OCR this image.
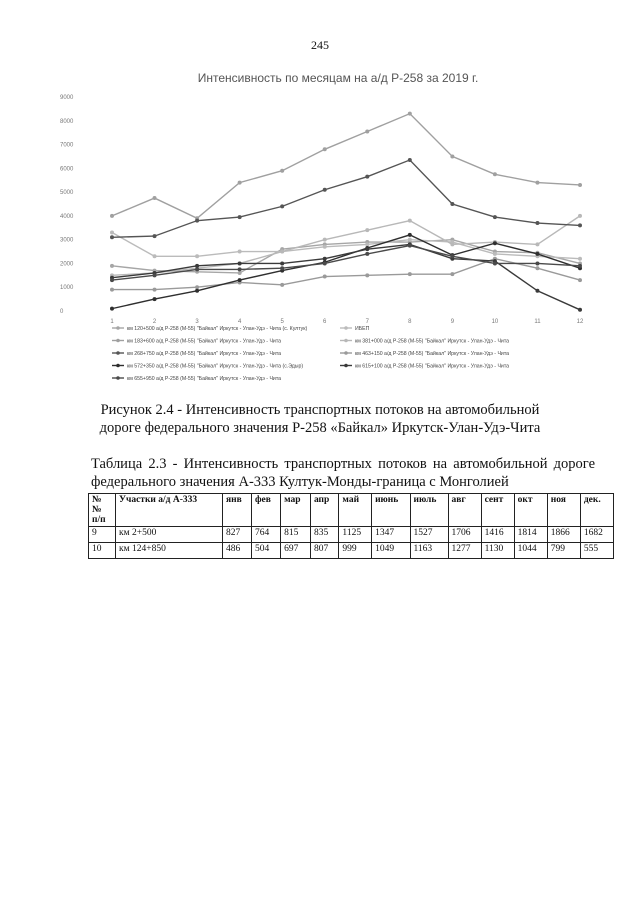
245
Интенсивность по месяцам на а/д Р-258 за 2019 г.
0
1000
2000
3000
4000
5000
6000
7000
8000
9000
1	2	3	4	5	6	7	8	9	10	11	12
км 120+500 а/д Р-258 (М-55) "Байкал" Иркутск - Улан-Удэ - Чита (с. Култук)	ИБЕП
км 183+600 а/д Р-258 (М-55) "Байкал" Иркутск - Улан-Удэ - Чита	км 381+000 а/д Р-258 (М-55) "Байкал" Иркутск - Улан-Удэ - Чита
км 268+750 а/д Р-258 (М-55) "Байкал" Иркутск - Улан-Удэ - Чита	км 463+150 а/д Р-258 (М-55) "Байкал" Иркутск - Улан-Удэ - Чита
км 572+350 а/д Р-258 (М-55) "Байкал" Иркутск - Улан-Удэ - Чита (с.Эдыр)	км 615+100 а/д Р-258 (М-55) "Байкал" Иркутск - Улан-Удэ - Чита
км 655+950 а/д Р-258 (М-55) "Байкал" Иркутск - Улан-Удэ - Чита
Рисунок 2.4 - Интенсивность транспортных потоков на автомобильной
дороге федерального значения Р-258 «Байкал» Иркутск-Улан-Удэ-Чита
Таблица 2.3 - Интенсивность транспортных потоков на автомобильной дороге федерального значения А-333 Култук-Монды-граница с Монголией
№ № п/п	Участки а/д А-333	янв	фев	мар	апр	май	июнь	июль	авг	сент	окт	ноя	дек.
9	км 2+500	827	764	815	835	1125	1347	1527	1706	1416	1814	1866	1682
10	км 124+850	486	504	697	807	999	1049	1163	1277	1130	1044	799	555
